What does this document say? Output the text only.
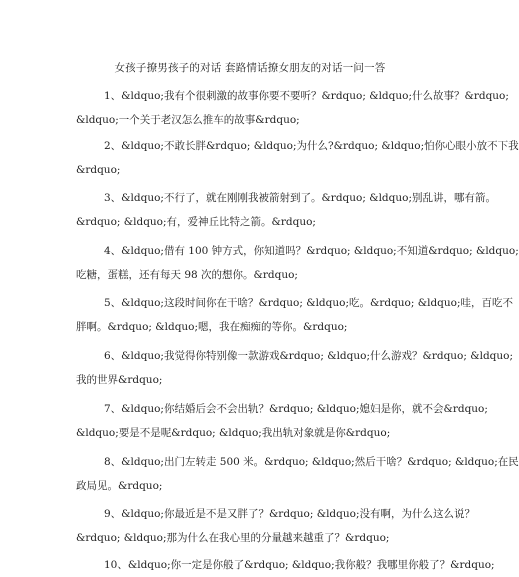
女孩子撩男孩子的对话 套路情话撩女朋友的对话一问一答
1、&ldquo;我有个很刺激的故事你要不要听？&rdquo; &ldquo;什么故事？&rdquo;
&ldquo;一个关于老汉怎么推车的故事&rdquo;
2、&ldquo;不敢长胖&rdquo; &ldquo;为什么?&rdquo; &ldquo;怕你心眼小放不下我
&rdquo;
3、&ldquo;不行了，就在刚刚我被箭射到了。&rdquo; &ldquo;别乱讲，哪有箭。
&rdquo; &ldquo;有，爱神丘比特之箭。&rdquo;
4、&ldquo;借有 100 钟方式，你知道吗？&rdquo; &ldquo;不知道&rdquo; &ldquo;
吃糖，蛋糕，还有每天 98 次的想你。&rdquo;
5、&ldquo;这段时间你在干啥？&rdquo; &ldquo;吃。&rdquo; &ldquo;哇，百吃不
胖啊。&rdquo; &ldquo;嗯，我在痴痴的等你。&rdquo;
6、&ldquo;我觉得你特别像一款游戏&rdquo; &ldquo;什么游戏？&rdquo; &ldquo;
我的世界&rdquo;
7、&ldquo;你结婚后会不会出轨？&rdquo; &ldquo;媳妇是你，就不会&rdquo;
&ldquo;要是不是呢&rdquo; &ldquo;我出轨对象就是你&rdquo;
8、&ldquo;出门左转走 500 米。&rdquo; &ldquo;然后干啥？&rdquo; &ldquo;在民
政局见。&rdquo;
9、&ldquo;你最近是不是又胖了？&rdquo; &ldquo;没有啊，为什么这么说？
&rdquo; &ldquo;那为什么在我心里的分量越来越重了？&rdquo;
10、&ldquo;你一定是你般了&rdquo; &ldquo;我你般？我哪里你般了？&rdquo;
